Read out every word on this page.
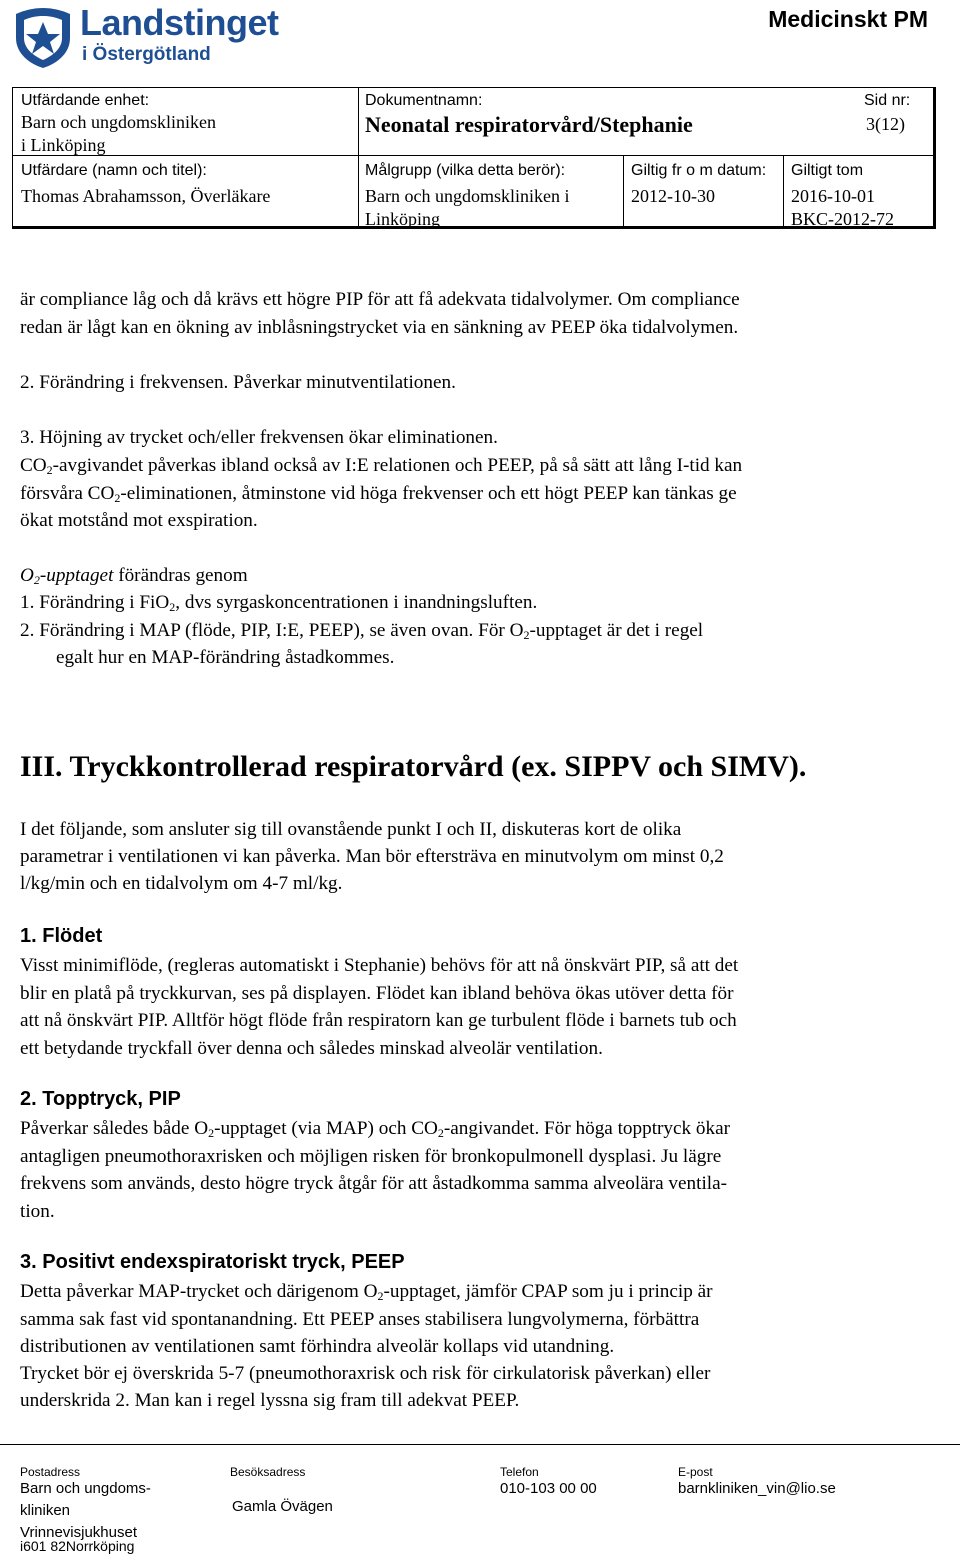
Landstinget
i Östergötland
Medicinskt PM
Utfärdande enhet:
Barn och ungdomskliniken
i Linköping
Dokumentnamn:
Neonatal respiratorvård/Stephanie
Sid nr:
3(12)
Utfärdare (namn och titel):
Thomas Abrahamsson, Överläkare
Målgrupp (vilka detta berör):
Barn och ungdomskliniken i
Linköping
Giltig fr o m datum:
2012-10-30
Giltigt tom
2016-10-01
BKC-2012-72
är compliance låg och då krävs ett högre PIP för att få adekvata tidalvolymer. Om compliance
redan är lågt kan en ökning av inblåsningstrycket via en sänkning av PEEP öka tidalvolymen.
2. Förändring i frekvensen. Påverkar minutventilationen.
3. Höjning av trycket och/eller frekvensen ökar eliminationen.
$CO_2$-avgivandet påverkas ibland också av I:E relationen och PEEP, på så sätt att lång I-tid kan
försvåra $CO_2$-eliminationen, åtminstone vid höga frekvenser och ett högt PEEP kan tänkas ge
ökat motstånd mot exspiration.
$O_2$-upptaget förändras genom
1. Förändring i FiO$_2$, dvs syrgaskoncentrationen i inandningsluften.
2. Förändring i MAP (flöde, PIP, I:E, PEEP), se även ovan. För $O_2$-upptaget är det i regel
egalt hur en MAP-förändring åstadkommes.
III. Tryckkontrollerad respiratorvård (ex. SIPPV och SIMV).
I det följande, som ansluter sig till ovanstående punkt I och II, diskuteras kort de olika
parametrar i ventilationen vi kan påverka. Man bör eftersträva en minutvolym om minst 0,2
l/kg/min och en tidalvolym om 4-7 ml/kg.
1. Flödet
Visst minimiflöde, (regleras automatiskt i Stephanie) behövs för att nå önskvärt PIP, så att det
blir en platå på tryckkurvan, ses på displayen. Flödet kan ibland behöva ökas utöver detta för
att nå önskvärt PIP. Alltför högt flöde från respiratorn kan ge turbulent flöde i barnets tub och
ett betydande tryckfall över denna och således minskad alveolär ventilation.
2. Topptryck, PIP
Påverkar således både $O_2$-upptaget (via MAP) och $CO_2$-angivandet. För höga topptryck ökar
antagligen pneumothoraxrisken och möjligen risken för bronkopulmonell dysplasi. Ju lägre
frekvens som används, desto högre tryck åtgår för att åstadkomma samma alveolära ventila-
tion.
3. Positivt endexspiratoriskt tryck, PEEP
Detta påverkar MAP-trycket och därigenom $O_2$-upptaget, jämför CPAP som ju i princip är
samma sak fast vid spontanandning. Ett PEEP anses stabilisera lungvolymerna, förbättra
distributionen av ventilationen samt förhindra alveolär kollaps vid utandning.
Trycket bör ej överskrida 5-7 (pneumothoraxrisk och risk för cirkulatorisk påverkan) eller
underskrida 2. Man kan i regel lyssna sig fram till adekvat PEEP.
Postadress
Barn och ungdoms-
kliniken
Vrinnevisjukhuset
i601 82Norrköping
Besöksadress
Gamla Övägen
Telefon
010-103 00 00
E-post
barnkliniken_vin@lio.se
